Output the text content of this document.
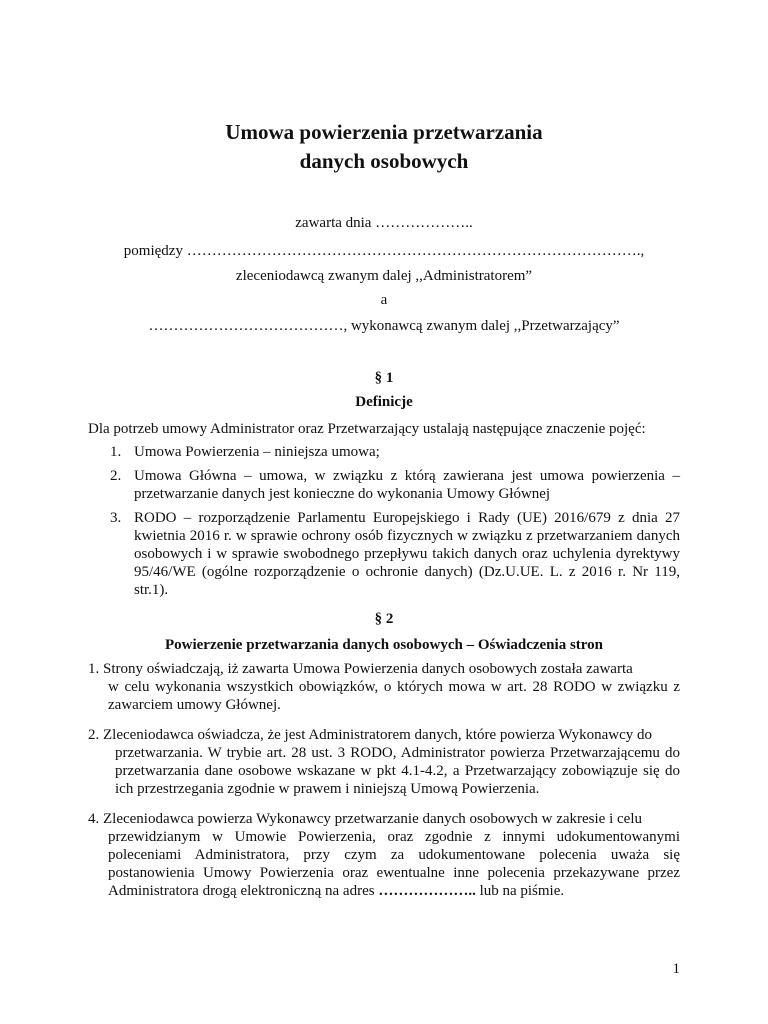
Umowa powierzenia przetwarzania
danych osobowych
zawarta dnia ………………..
pomiędzy ……………………………………………………………………………….,
zleceniodawcą zwanym dalej ,,Administratorem”
a
…………………………………, wykonawcą zwanym dalej ,,Przetwarzający”
§ 1
Definicje
Dla potrzeb umowy Administrator oraz Przetwarzający ustalają następujące znaczenie pojęć:
1. Umowa Powierzenia – niniejsza umowa;
2. Umowa Główna – umowa, w związku z którą zawierana jest umowa powierzenia – przetwarzanie danych jest konieczne do wykonania Umowy Głównej
3. RODO – rozporządzenie Parlamentu Europejskiego i Rady (UE) 2016/679 z dnia 27 kwietnia 2016 r. w sprawie ochrony osób fizycznych w związku z przetwarzaniem danych osobowych i w sprawie swobodnego przepływu takich danych oraz uchylenia dyrektywy 95/46/WE (ogólne rozporządzenie o ochronie danych) (Dz.U.UE. L. z 2016 r. Nr 119, str.1).
§ 2
Powierzenie przetwarzania danych osobowych – Oświadczenia stron
1. Strony oświadczają, iż zawarta Umowa Powierzenia danych osobowych została zawarta
w celu wykonania wszystkich obowiązków, o których mowa w art. 28 RODO w związku z zawarciem umowy Głównej.
2. Zleceniodawca oświadcza, że jest Administratorem danych, które powierza Wykonawcy do
przetwarzania. W trybie art. 28 ust. 3 RODO, Administrator powierza Przetwarzającemu do przetwarzania dane osobowe wskazane w pkt 4.1-4.2, a Przetwarzający zobowiązuje się do ich przestrzegania zgodnie w prawem i niniejszą Umową Powierzenia.
4. Zleceniodawca powierza Wykonawcy przetwarzanie danych osobowych w zakresie i celu
przewidzianym w Umowie Powierzenia, oraz zgodnie z innymi udokumentowanymi poleceniami Administratora, przy czym za udokumentowane polecenia uważa się postanowienia Umowy Powierzenia oraz ewentualne inne polecenia przekazywane przez Administratora drogą elektroniczną na adres ……………….. lub na piśmie.
1
